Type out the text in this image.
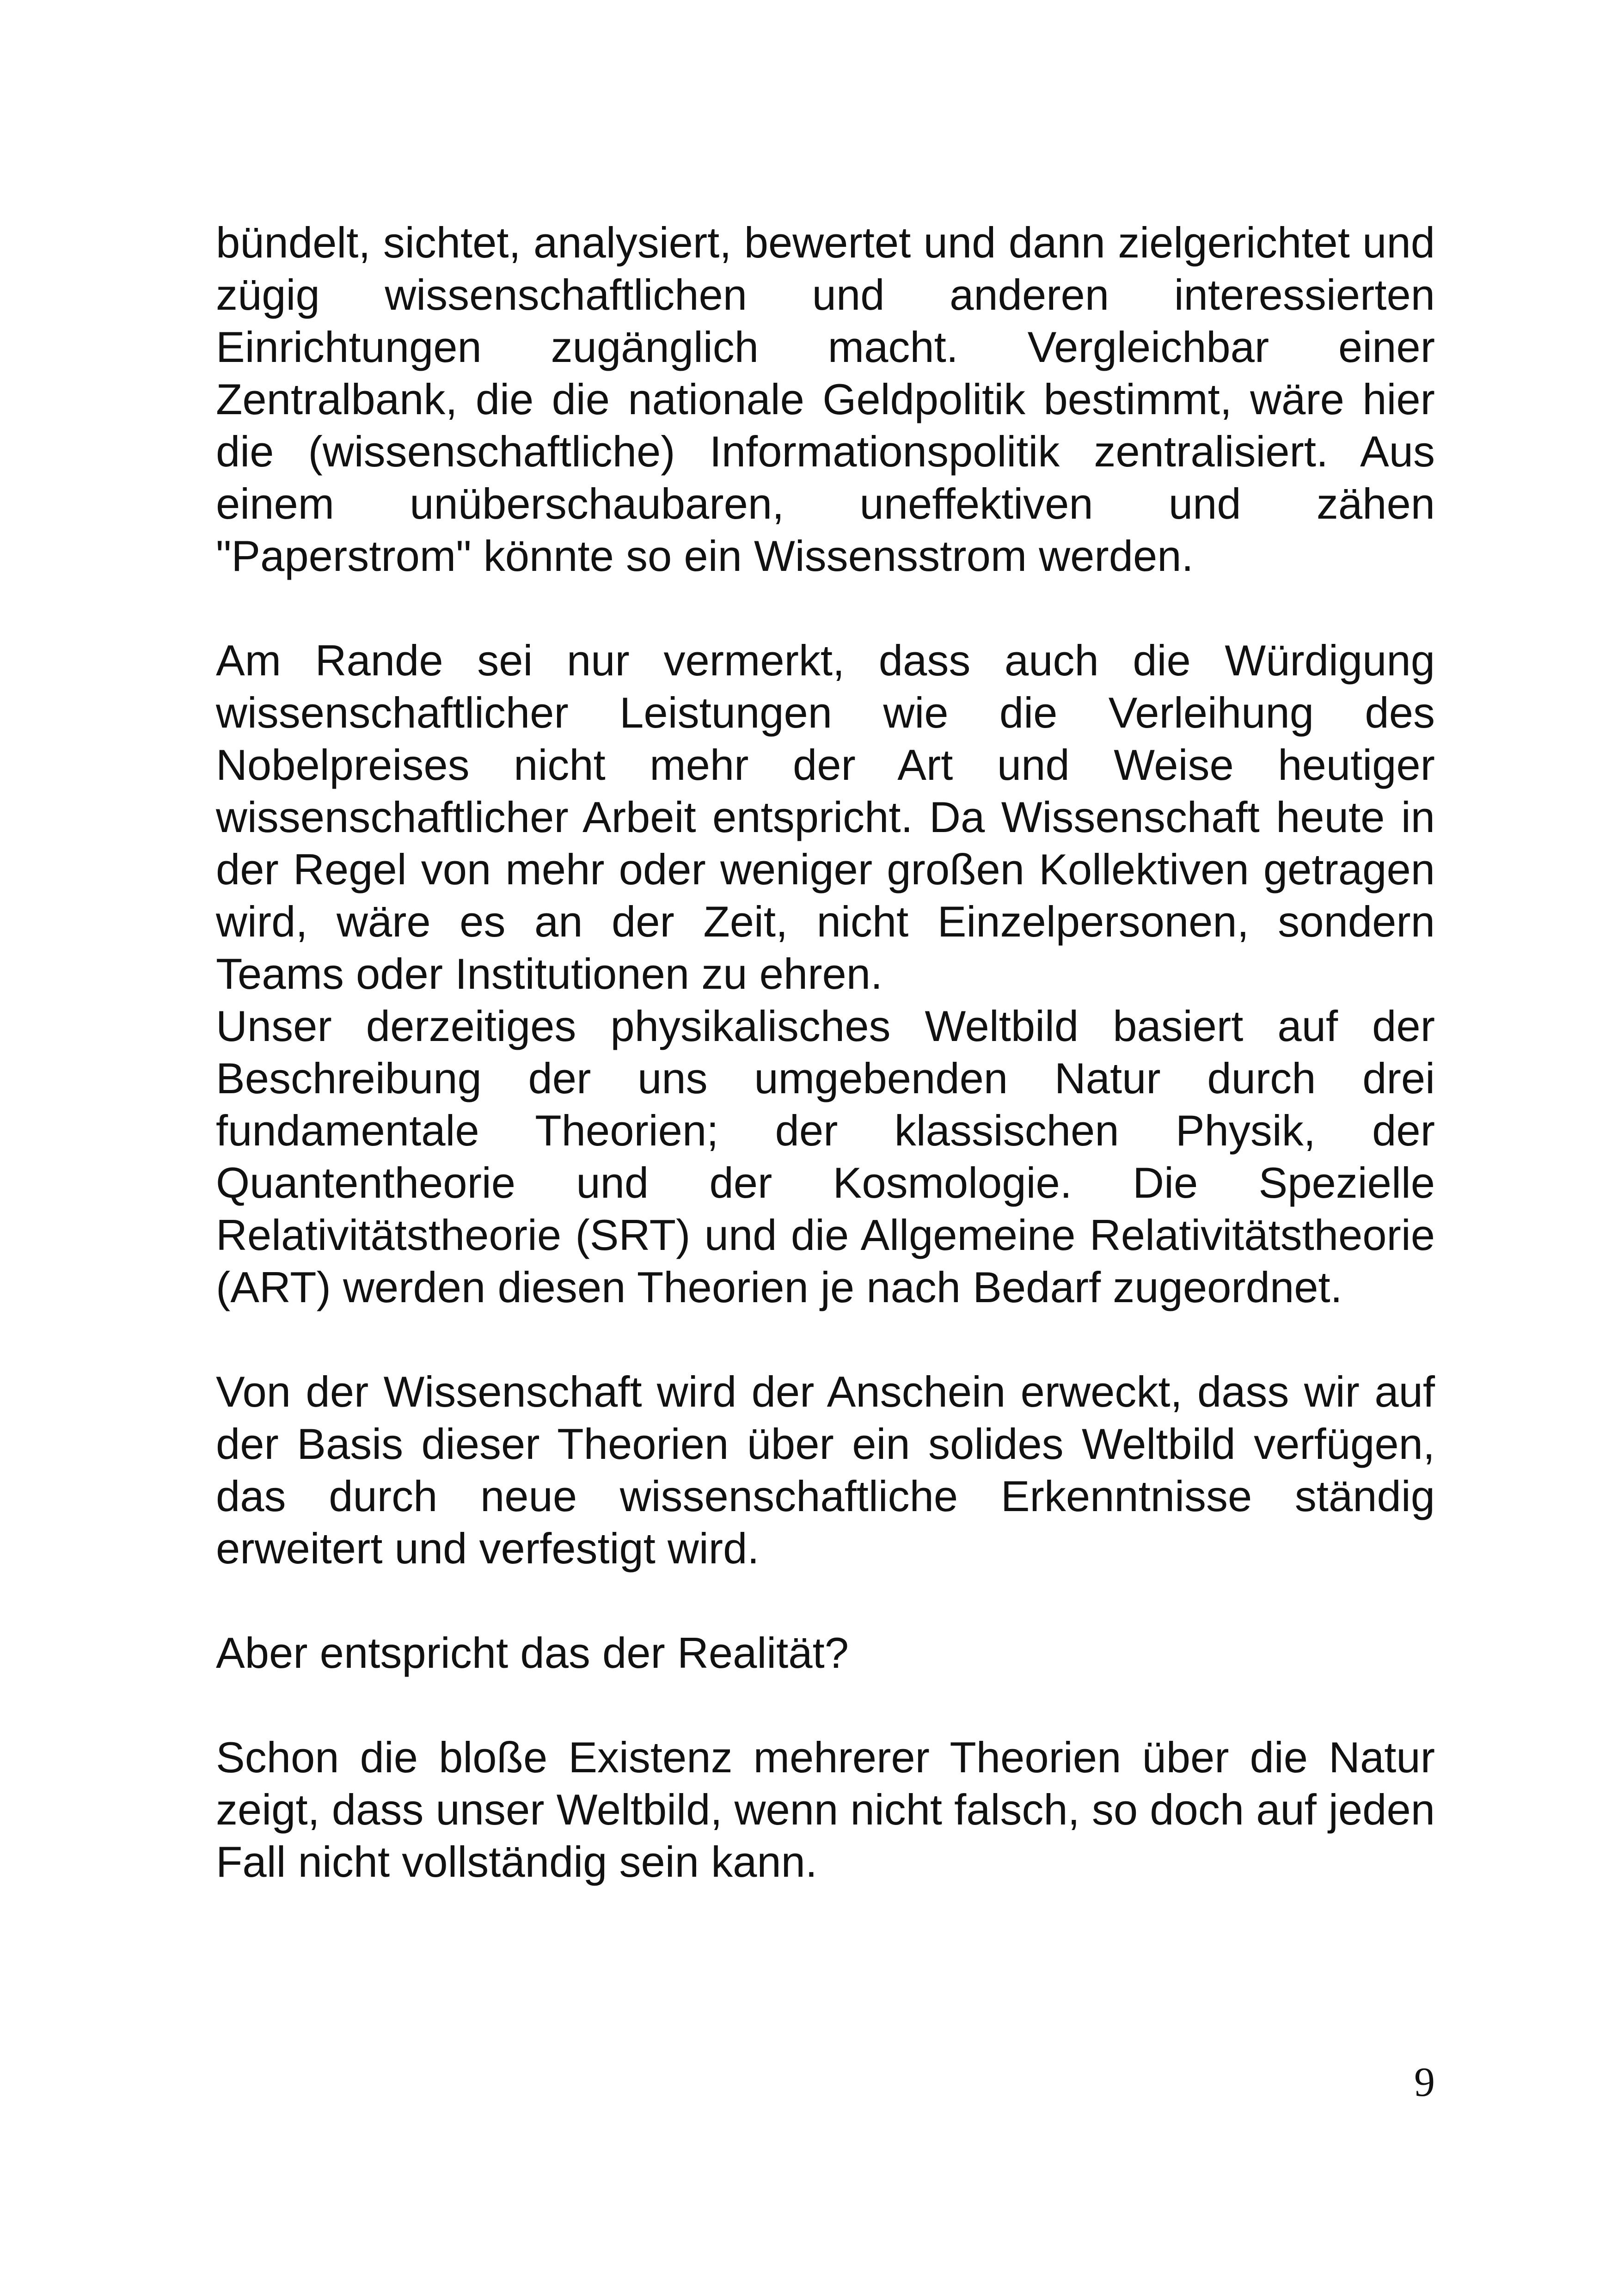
bündelt, sichtet, analysiert, bewertet und dann zielgerichtet und zügig wissenschaftlichen und anderen interessierten Einrichtungen zugänglich macht. Vergleichbar einer Zentralbank, die die nationale Geldpolitik bestimmt, wäre hier die (wissenschaftliche) Informationspolitik zentralisiert. Aus einem unüberschaubaren, uneffektiven und zähen "Paperstrom" könnte so ein Wissensstrom werden.

Am Rande sei nur vermerkt, dass auch die Würdigung wissenschaftlicher Leistungen wie die Verleihung des Nobelpreises nicht mehr der Art und Weise heutiger wissenschaftlicher Arbeit entspricht. Da Wissenschaft heute in der Regel von mehr oder weniger großen Kollektiven getragen wird, wäre es an der Zeit, nicht Einzelpersonen, sondern Teams oder Institutionen zu ehren.

Unser derzeitiges physikalisches Weltbild basiert auf der Beschreibung der uns umgebenden Natur durch drei fundamentale Theorien; der klassischen Physik, der Quantentheorie und der Kosmologie. Die Spezielle Relativitätstheorie (SRT) und die Allgemeine Relativitätstheorie (ART) werden diesen Theorien je nach Bedarf zugeordnet.

Von der Wissenschaft wird der Anschein erweckt, dass wir auf der Basis dieser Theorien über ein solides Weltbild verfügen, das durch neue wissenschaftliche Erkenntnisse ständig erweitert und verfestigt wird.

Aber entspricht das der Realität?

Schon die bloße Existenz mehrerer Theorien über die Natur zeigt, dass unser Weltbild, wenn nicht falsch, so doch auf jeden Fall nicht vollständig sein kann.

9
